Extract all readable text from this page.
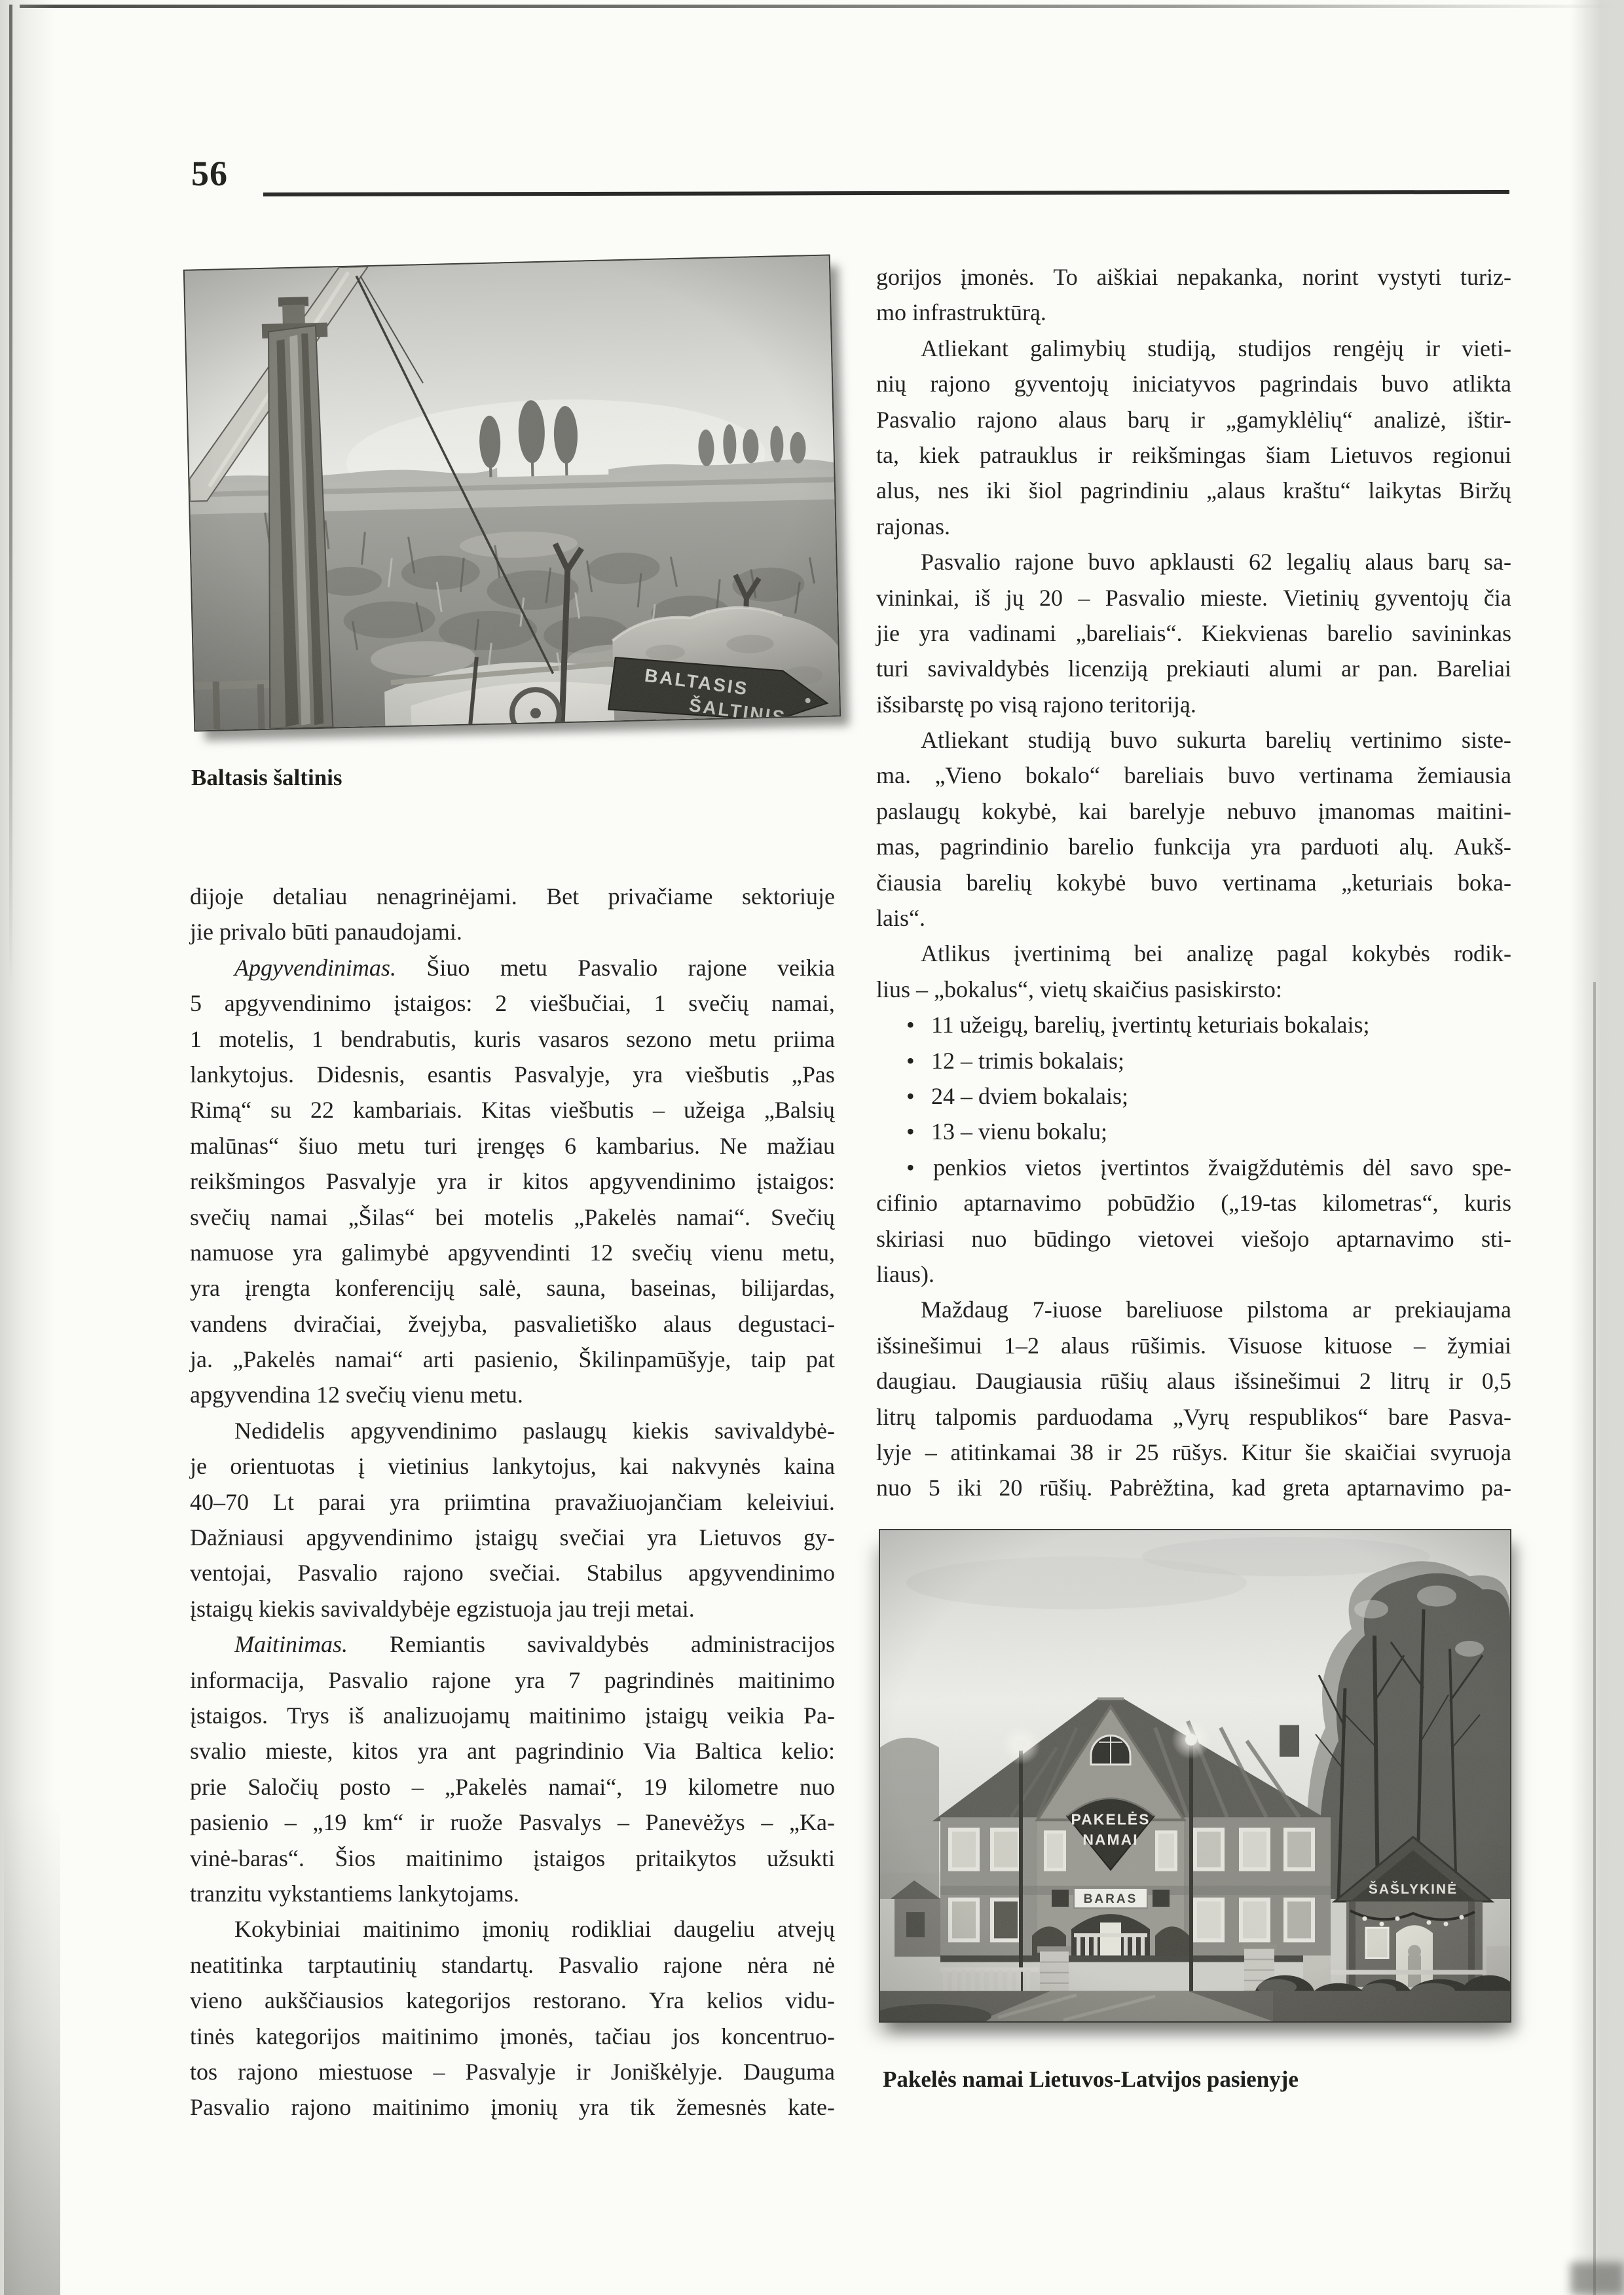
56
Baltasis šaltinis
dijoje detaliau nenagrinėjami. Bet privačiame sektoriuje
jie privalo būti panaudojami.
Apgyvendinimas. Šiuo metu Pasvalio rajone veikia
5 apgyvendinimo įstaigos: 2 viešbučiai, 1 svečių namai,
1 motelis, 1 bendrabutis, kuris vasaros sezono metu priima
lankytojus. Didesnis, esantis Pasvalyje, yra viešbutis „Pas
Rimą“ su 22 kambariais. Kitas viešbutis – užeiga „Balsių
malūnas“ šiuo metu turi įrengęs 6 kambarius. Ne mažiau
reikšmingos Pasvalyje yra ir kitos apgyvendinimo įstaigos:
svečių namai „Šilas“ bei motelis „Pakelės namai“. Svečių
namuose yra galimybė apgyvendinti 12 svečių vienu metu,
yra įrengta konferencijų salė, sauna, baseinas, bilijardas,
vandens dviračiai, žvejyba, pasvalietiško alaus degustaci-
ja. „Pakelės namai“ arti pasienio, Škilinpamūšyje, taip pat
apgyvendina 12 svečių vienu metu.
Nedidelis apgyvendinimo paslaugų kiekis savivaldybė-
je orientuotas į vietinius lankytojus, kai nakvynės kaina
40–70 Lt parai yra priimtina pravažiuojančiam keleiviui.
Dažniausi apgyvendinimo įstaigų svečiai yra Lietuvos gy-
ventojai, Pasvalio rajono svečiai. Stabilus apgyvendinimo
įstaigų kiekis savivaldybėje egzistuoja jau treji metai.
Maitinimas. Remiantis savivaldybės administracijos
informacija, Pasvalio rajone yra 7 pagrindinės maitinimo
įstaigos. Trys iš analizuojamų maitinimo įstaigų veikia Pa-
svalio mieste, kitos yra ant pagrindinio Via Baltica kelio:
prie Saločių posto – „Pakelės namai“, 19 kilometre nuo
pasienio – „19 km“ ir ruože Pasvalys – Panevėžys – „Ka-
vinė-baras“. Šios maitinimo įstaigos pritaikytos užsukti
tranzitu vykstantiems lankytojams.
Kokybiniai maitinimo įmonių rodikliai daugeliu atvejų
neatitinka tarptautinių standartų. Pasvalio rajone nėra nė
vieno aukščiausios kategorijos restorano. Yra kelios vidu-
tinės kategorijos maitinimo įmonės, tačiau jos koncentruo-
tos rajono miestuose – Pasvalyje ir Joniškėlyje. Dauguma
Pasvalio rajono maitinimo įmonių yra tik žemesnės kate-
gorijos įmonės. To aiškiai nepakanka, norint vystyti turiz-
mo infrastruktūrą.
Atliekant galimybių studiją, studijos rengėjų ir vieti-
nių rajono gyventojų iniciatyvos pagrindais buvo atlikta
Pasvalio rajono alaus barų ir „gamyklėlių“ analizė, ištir-
ta, kiek patrauklus ir reikšmingas šiam Lietuvos regionui
alus, nes iki šiol pagrindiniu „alaus kraštu“ laikytas Biržų
rajonas.
Pasvalio rajone buvo apklausti 62 legalių alaus barų sa-
vininkai, iš jų 20 – Pasvalio mieste. Vietinių gyventojų čia
jie yra vadinami „bareliais“. Kiekvienas barelio savininkas
turi savivaldybės licenziją prekiauti alumi ar pan. Bareliai
išsibarstę po visą rajono teritoriją.
Atliekant studiją buvo sukurta barelių vertinimo siste-
ma. „Vieno bokalo“ bareliais buvo vertinama žemiausia
paslaugų kokybė, kai barelyje nebuvo įmanomas maitini-
mas, pagrindinio barelio funkcija yra parduoti alų. Aukš-
čiausia barelių kokybė buvo vertinama „keturiais boka-
lais“.
Atlikus įvertinimą bei analizę pagal kokybės rodik-
lius – „bokalus“, vietų skaičius pasiskirsto:
• 11 užeigų, barelių, įvertintų keturiais bokalais;
• 12 – trimis bokalais;
• 24 – dviem bokalais;
• 13 – vienu bokalu;
• penkios vietos įvertintos žvaigždutėmis dėl savo spe-
cifinio aptarnavimo pobūdžio („19-tas kilometras“, kuris
skiriasi nuo būdingo vietovei viešojo aptarnavimo sti-
liaus).
Maždaug 7-iuose bareliuose pilstoma ar prekiaujama
išsinešimui 1–2 alaus rūšimis. Visuose kituose – žymiai
daugiau. Daugiausia rūšių alaus išsinešimui 2 litrų ir 0,5
litrų talpomis parduodama „Vyrų respublikos“ bare Pasva-
lyje – atitinkamai 38 ir 25 rūšys. Kitur šie skaičiai svyruoja
nuo 5 iki 20 rūšių. Pabrėžtina, kad greta aptarnavimo pa-
Pakelės namai Lietuvos-Latvijos pasienyje
